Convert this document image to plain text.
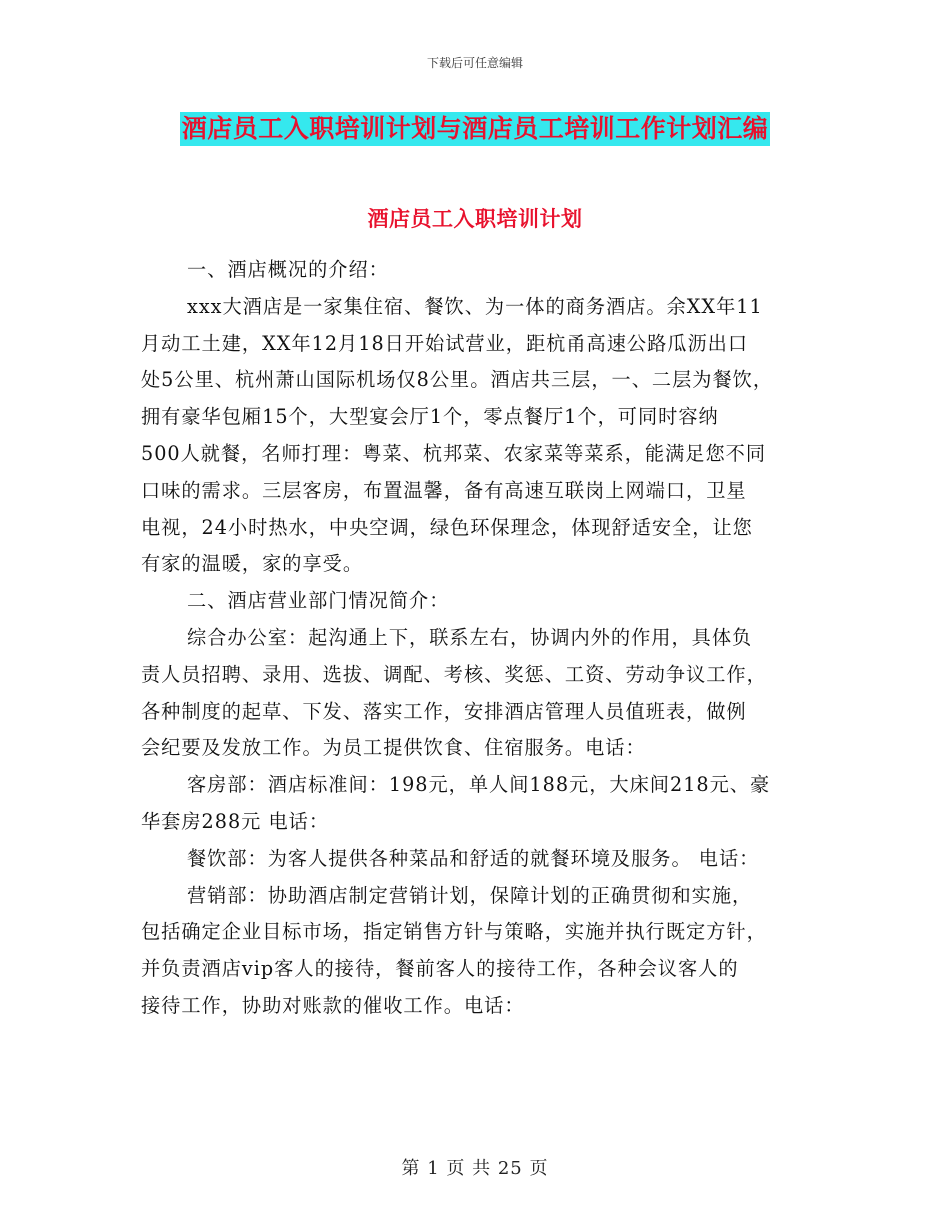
下载后可任意编辑
酒店员工入职培训计划与酒店员工培训工作计划汇编
酒店员工入职培训计划
一、酒店概况的介绍：
xxx大酒店是一家集住宿、餐饮、为一体的商务酒店。余XX年11
月动工土建，XX年12月18日开始试营业，距杭甬高速公路瓜沥出口
处5公里、杭州萧山国际机场仅8公里。酒店共三层，一、二层为餐饮，
拥有豪华包厢15个，大型宴会厅1个，零点餐厅1个，可同时容纳
500人就餐，名师打理：粤菜、杭邦菜、农家菜等菜系，能满足您不同
口味的需求。三层客房，布置温馨，备有高速互联岗上网端口，卫星
电视，24小时热水，中央空调，绿色环保理念，体现舒适安全，让您
有家的温暖，家的享受。
二、酒店营业部门情况简介：
综合办公室：起沟通上下，联系左右，协调内外的作用，具体负
责人员招聘、录用、选拔、调配、考核、奖惩、工资、劳动争议工作，
各种制度的起草、下发、落实工作，安排酒店管理人员值班表，做例
会纪要及发放工作。为员工提供饮食、住宿服务。电话：
客房部：酒店标准间：198元，单人间188元，大床间218元、豪
华套房288元 电话：
餐饮部：为客人提供各种菜品和舒适的就餐环境及服务。 电话：
营销部：协助酒店制定营销计划，保障计划的正确贯彻和实施，
包括确定企业目标市场，指定销售方针与策略，实施并执行既定方针，
并负责酒店vip客人的接待，餐前客人的接待工作，各种会议客人的
接待工作，协助对账款的催收工作。电话：
第 1 页 共 25 页
